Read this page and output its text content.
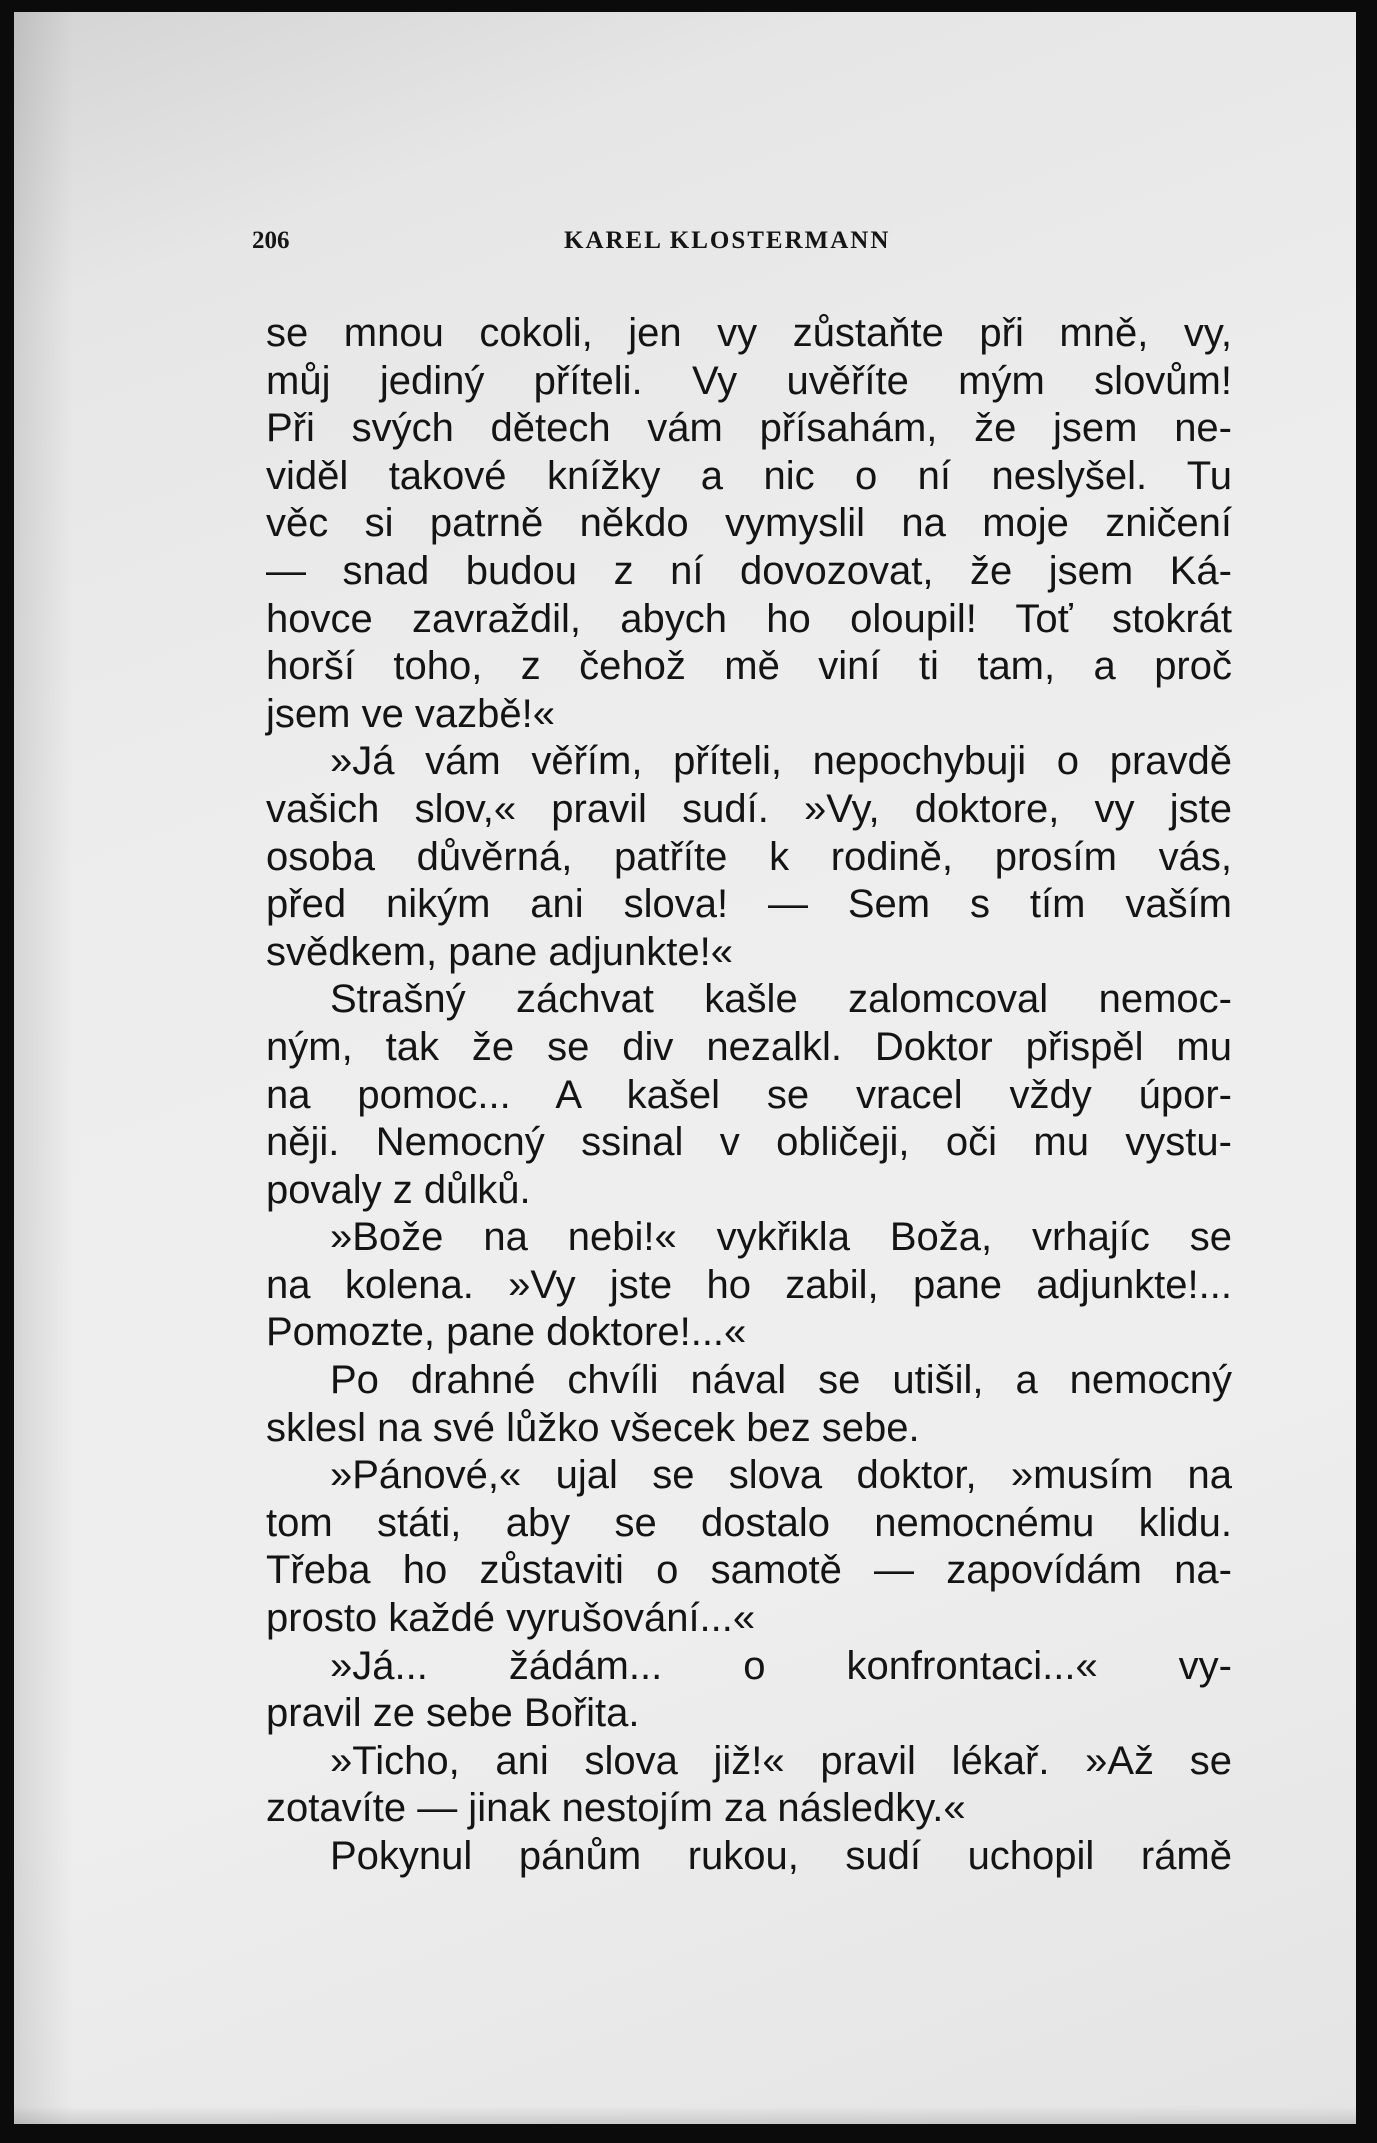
206	KAREL KLOSTERMANN
se mnou cokoli, jen vy zůstaňte při mně, vy,
můj jediný příteli. Vy uvěříte mým slovům!
Při svých dětech vám přísahám, že jsem ne-
viděl takové knížky a nic o ní neslyšel. Tu
věc si patrně někdo vymyslil na moje zničení
— snad budou z ní dovozovat, že jsem Ká-
hovce zavraždil, abych ho oloupil! Toť stokrát
horší toho, z čehož mě viní ti tam, a proč
jsem ve vazbě!«
»Já vám věřím, příteli, nepochybuji o pravdě
vašich slov,« pravil sudí. »Vy, doktore, vy jste
osoba důvěrná, patříte k rodině, prosím vás,
před nikým ani slova! — Sem s tím vaším
svědkem, pane adjunkte!«
Strašný záchvat kašle zalomcoval nemoc-
ným, tak že se div nezalkl. Doktor přispěl mu
na pomoc... A kašel se vracel vždy úpor-
něji. Nemocný ssinal v obličeji, oči mu vystu-
povaly z důlků.
»Bože na nebi!« vykřikla Boža, vrhajíc se
na kolena. »Vy jste ho zabil, pane adjunkte!...
Pomozte, pane doktore!...«
Po drahné chvíli nával se utišil, a nemocný
sklesl na své lůžko všecek bez sebe.
»Pánové,« ujal se slova doktor, »musím na
tom státi, aby se dostalo nemocnému klidu.
Třeba ho zůstaviti o samotě — zapovídám na-
prosto každé vyrušování...«
»Já... žádám... o konfrontaci...« vy-
pravil ze sebe Bořita.
»Ticho, ani slova již!« pravil lékař. »Až se
zotavíte — jinak nestojím za následky.«
Pokynul pánům rukou, sudí uchopil rámě
